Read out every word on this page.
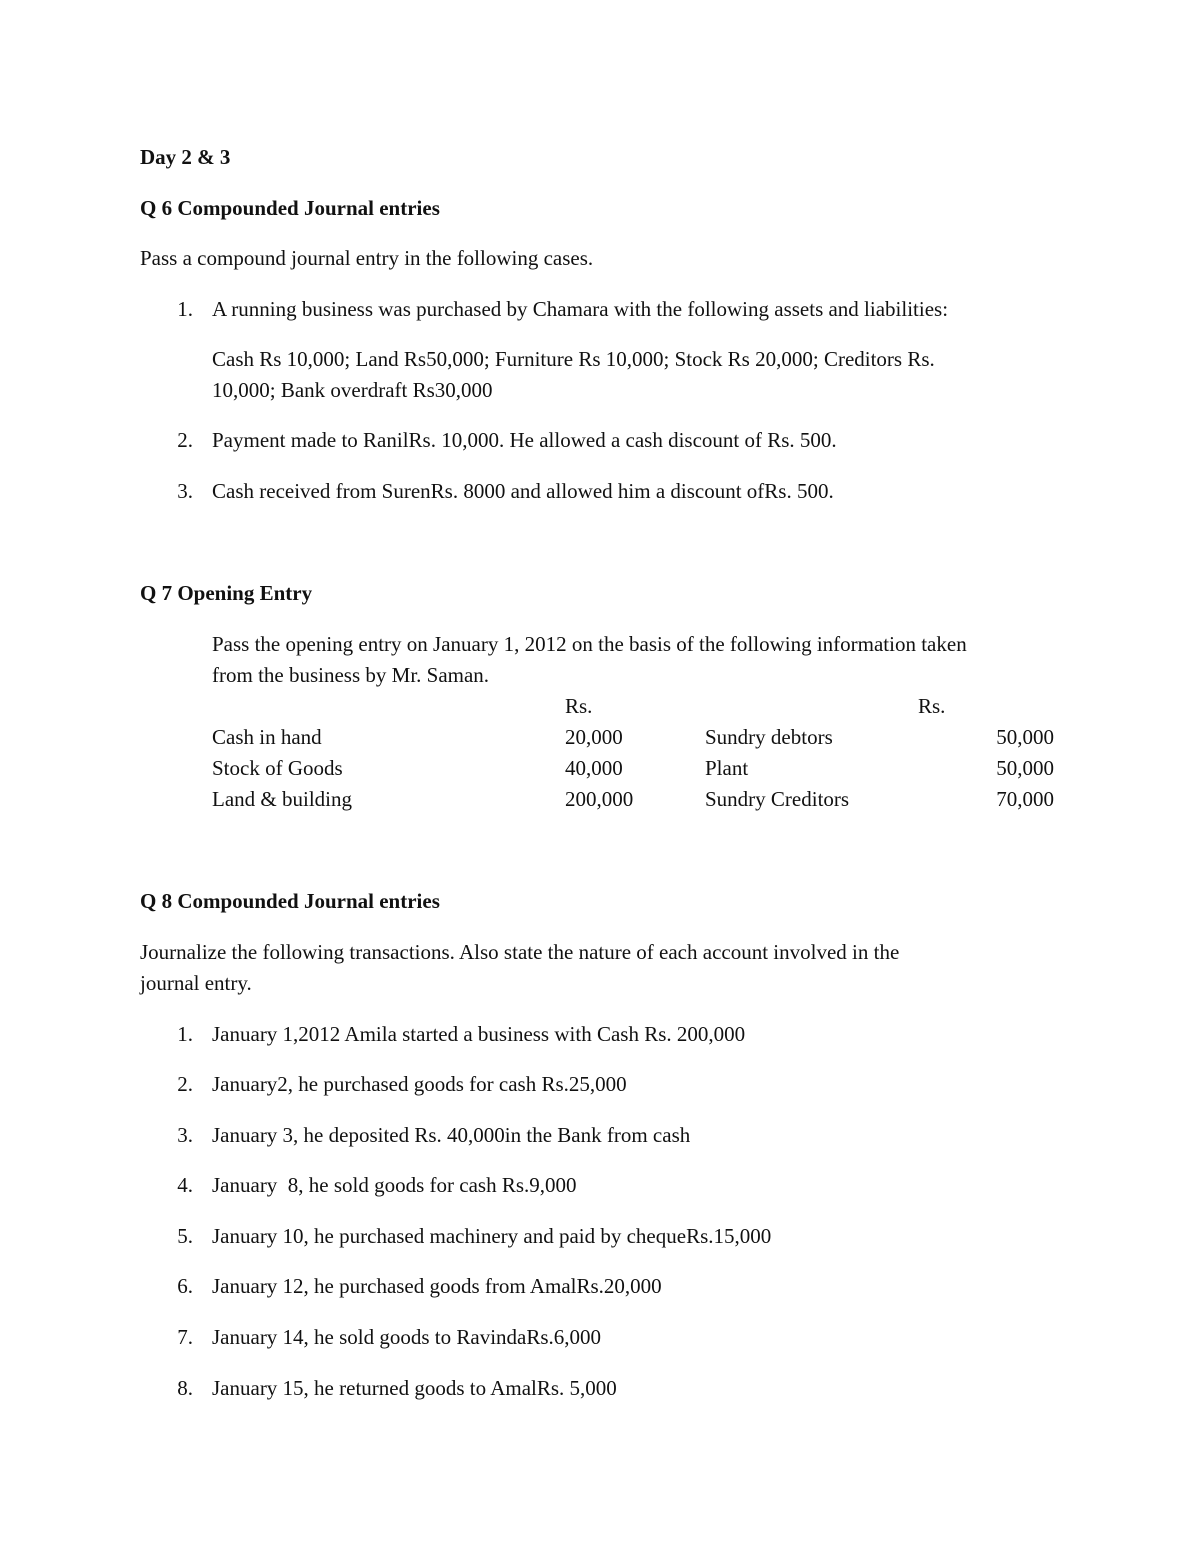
Day 2 & 3
Q 6 Compounded Journal entries
Pass a compound journal entry in the following cases.
1. A running business was purchased by Chamara with the following assets and liabilities:
Cash Rs 10,000; Land Rs50,000; Furniture Rs 10,000; Stock Rs 20,000; Creditors Rs.
10,000; Bank overdraft Rs30,000
2. Payment made to RanilRs. 10,000. He allowed a cash discount of Rs. 500.
3. Cash received from SurenRs. 8000 and allowed him a discount ofRs. 500.
Q 7 Opening Entry
Pass the opening entry on January 1, 2012 on the basis of the following information taken
from the business by Mr. Saman.
Rs.	Rs.
Cash in hand	20,000	Sundry debtors	50,000
Stock of Goods	40,000	Plant	50,000
Land & building	200,000	Sundry Creditors	70,000
Q 8 Compounded Journal entries
Journalize the following transactions. Also state the nature of each account involved in the
journal entry.
1. January 1,2012 Amila started a business with Cash Rs. 200,000
2. January2, he purchased goods for cash Rs.25,000
3. January 3, he deposited Rs. 40,000in the Bank from cash
4. January  8, he sold goods for cash Rs.9,000
5. January 10, he purchased machinery and paid by chequeRs.15,000
6. January 12, he purchased goods from AmalRs.20,000
7. January 14, he sold goods to RavindaRs.6,000
8. January 15, he returned goods to AmalRs. 5,000
